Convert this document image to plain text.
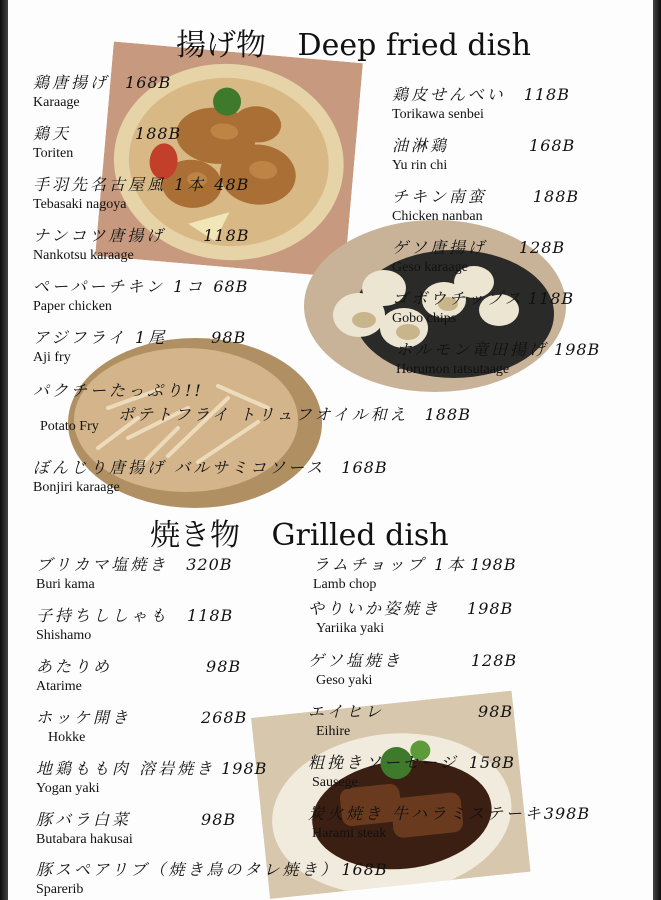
揚げ物 Deep fried dish
鶏唐揚げ 168B
Karaage
鶏天	188B
Toriten
手羽先名古屋風 1本 48B
Tebasaki nagoya
ナンコツ唐揚げ 118B
Nankotsu karaage
ペーパーチキン 1コ 68B
Paper chicken
アジフライ 1尾	98B
Aji fry
鶏皮せんべい 118B
Torikawa senbei
油淋鶏	168B
Yu rin chi
チキン南蛮	188B
Chicken nanban
ゲソ唐揚げ 128B
Geso karaage
ゴボウチップス 118B
Gobo chips
ホルモン竜田揚げ 198B
Horumon tatsutaage
パクチーたっぷり!!
ポテトフライ トリュフオイル和え 188B
Potato Fry
ぼんじり唐揚げ バルサミコソース 168B
Bonjiri karaage
焼き物 Grilled dish
ブリカマ塩焼き 320B
Buri kama
子持ちししゃも 118B
Shishamo
あたりめ	98B
Atarime
ホッケ開き	268B
Hokke
地鶏もも肉 溶岩焼き 198B
Yogan yaki
豚バラ白菜	98B
Butabara hakusai
ラムチョップ 1本 198B
Lamb chop
やりいか姿焼き 198B
Yariika yaki
ゲソ塩焼き	128B
Geso yaki
エイヒレ	98B
Eihire
粗挽きソーセージ 158B
Sausege
炭火焼き 牛ハラミステーキ398B
Harami steak
豚スペアリブ（焼き鳥のタレ焼き） 168B
Sparerib
